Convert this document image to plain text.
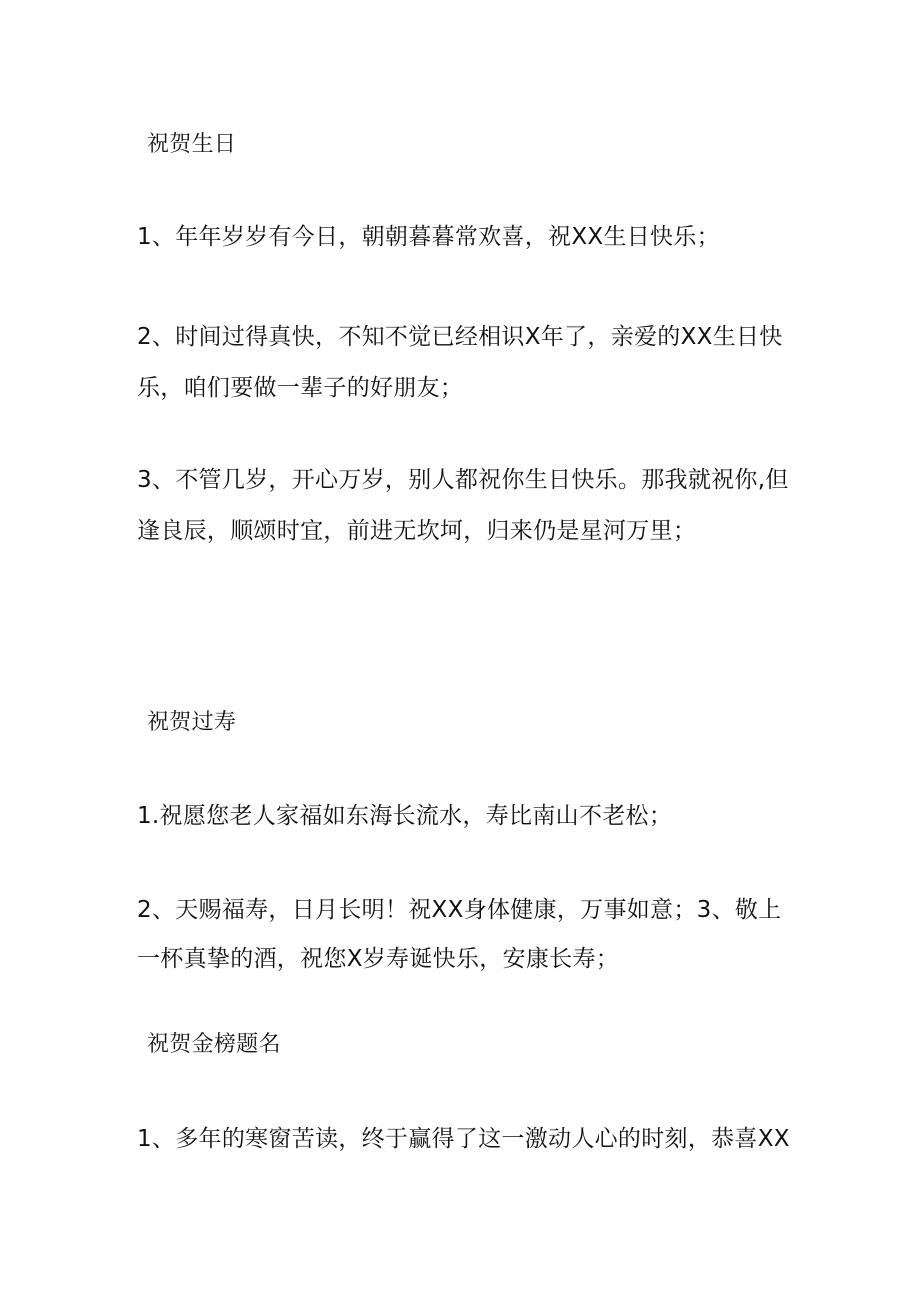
祝贺生日

1、年年岁岁有今日，朝朝暮暮常欢喜，祝XX生日快乐；

2、时间过得真快，不知不觉已经相识X年了，亲爱的XX生日快

乐，咱们要做一辈子的好朋友；

3、不管几岁，开心万岁，别人都祝你生日快乐。那我就祝你,但

逢良辰，顺颂时宜，前进无坎坷，归来仍是星河万里；

祝贺过寿

1.祝愿您老人家福如东海长流水，寿比南山不老松；

2、天赐福寿，日月长明！祝XX身体健康，万事如意；3、敬上

一杯真挚的酒，祝您X岁寿诞快乐，安康长寿；

祝贺金榜题名

1、多年的寒窗苦读，终于赢得了这一激动人心的时刻，恭喜XX
